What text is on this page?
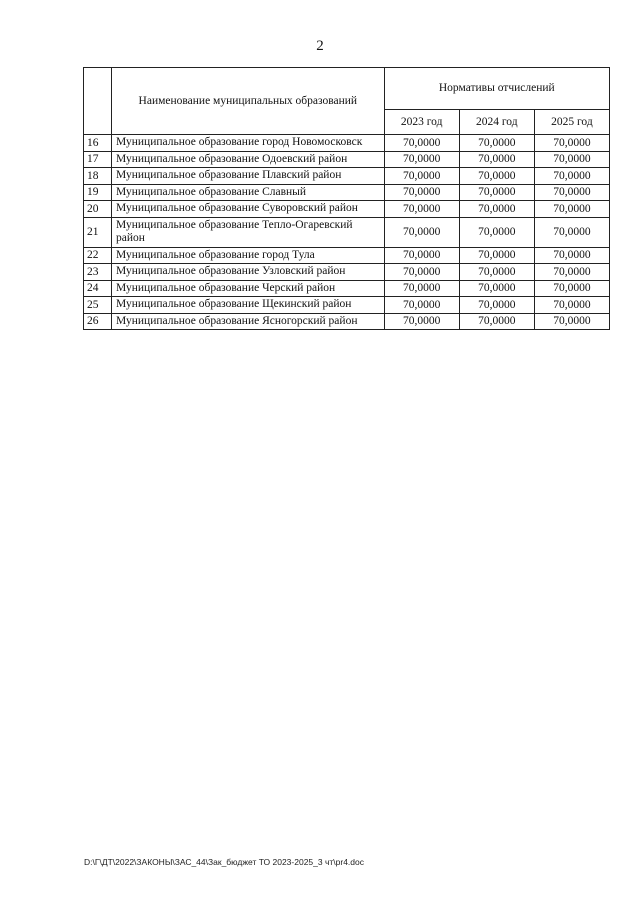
2
	Наименование муниципальных образований	Нормативы отчислений		
		2023 год	2024 год	2025 год
16	Муниципальное образование город Новомосковск	70,0000	70,0000	70,0000
17	Муниципальное образование Одоевский район	70,0000	70,0000	70,0000
18	Муниципальное образование Плавский район	70,0000	70,0000	70,0000
19	Муниципальное образование Славный	70,0000	70,0000	70,0000
20	Муниципальное образование Суворовский район	70,0000	70,0000	70,0000
21	Муниципальное образование Тепло-Огаревский район	70,0000	70,0000	70,0000
22	Муниципальное образование город Тула	70,0000	70,0000	70,0000
23	Муниципальное образование Узловский район	70,0000	70,0000	70,0000
24	Муниципальное образование Черский район	70,0000	70,0000	70,0000
25	Муниципальное образование Щекинский район	70,0000	70,0000	70,0000
26	Муниципальное образование Ясногорский район	70,0000	70,0000	70,0000
D:\Г\ДТ\2022\ЗАКОНЫ\ЗАС_44\Зак_бюджет ТО 2023-2025_3 чт\pr4.doc
